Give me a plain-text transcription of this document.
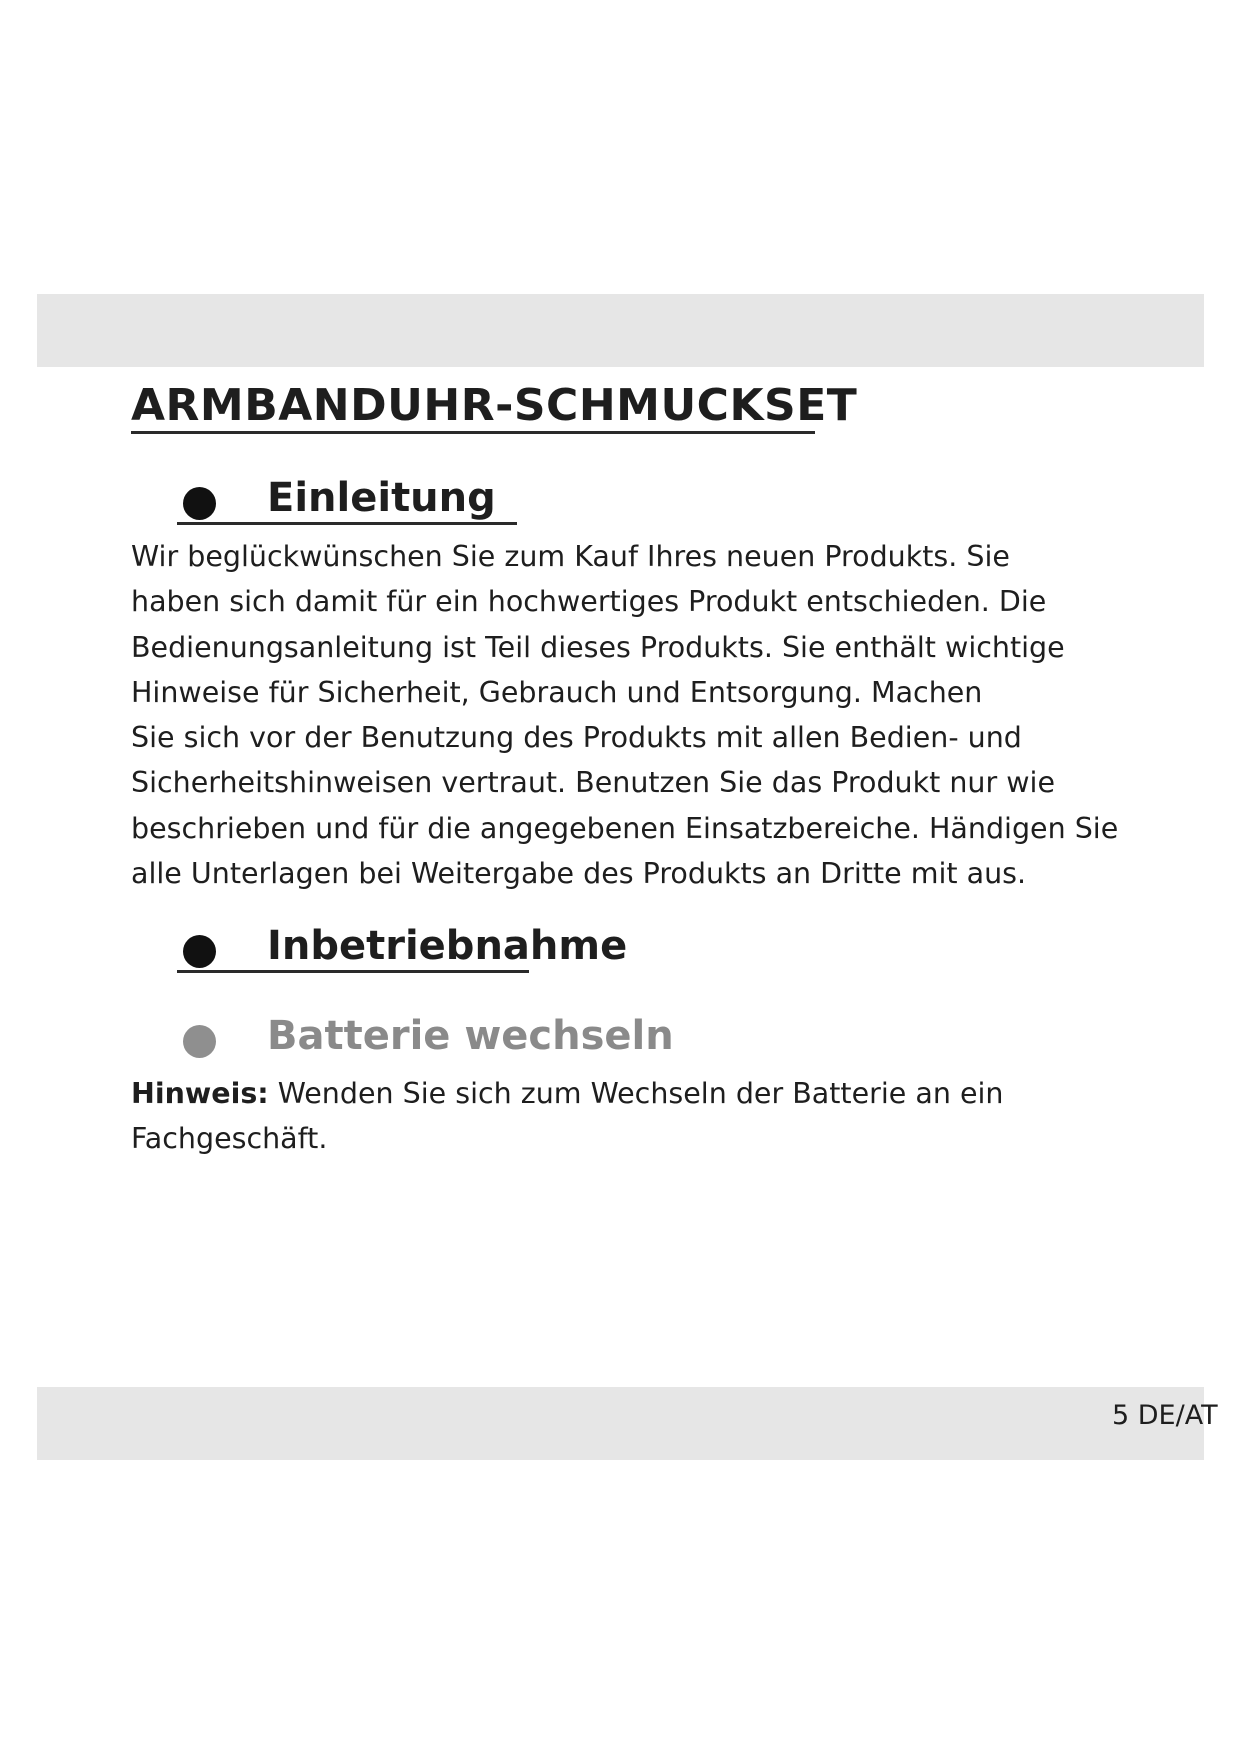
ARMBANDUHR-SCHMUCKSET
Einleitung

Wir beglückwünschen Sie zum Kauf Ihres neuen Produkts. Sie
haben sich damit für ein hochwertiges Produkt entschieden. Die
Bedienungsanleitung ist Teil dieses Produkts. Sie enthält wichtige
Hinweise für Sicherheit, Gebrauch und Entsorgung. Machen
Sie sich vor der Benutzung des Produkts mit allen Bedien- und
Sicherheitshinweisen vertraut. Benutzen Sie das Produkt nur wie
beschrieben und für die angegebenen Einsatzbereiche. Händigen Sie
alle Unterlagen bei Weitergabe des Produkts an Dritte mit aus.

Inbetriebnahme
Batterie wechseln

Hinweis: Wenden Sie sich zum Wechseln der Batterie an ein
Fachgeschäft.

5 DE/AT
